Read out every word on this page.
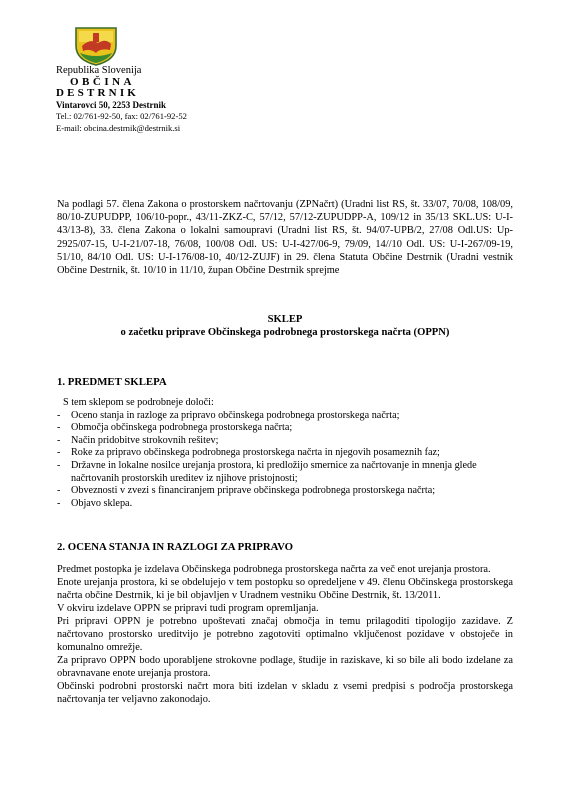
Republika Slovenija
OBČINA
DESTRNIK
Vintarovci 50, 2253 Destrnik
Tel.: 02/761-92-50, fax: 02/761-92-52
E-mail: obcina.destrnik@destrnik.si
Na podlagi 57. člena Zakona o prostorskem načrtovanju (ZPNačrt) (Uradni list RS, št. 33/07, 70/08, 108/09, 80/10-ZUPUDPP, 106/10-popr., 43/11-ZKZ-C, 57/12, 57/12-ZUPUDPP-A, 109/12 in 35/13 SKL.US: U-I-43/13-8), 33. člena Zakona o lokalni samoupravi (Uradni list RS, št. 94/07-UPB/2, 27/08 Odl.US: Up-2925/07-15, U-I-21/07-18, 76/08, 100/08 Odl. US: U-I-427/06-9, 79/09, 14//10 Odl. US: U-I-267/09-19, 51/10, 84/10 Odl. US: U-I-176/08-10, 40/12-ZUJF) in 29. člena Statuta Občine Destrnik (Uradni vestnik Občine Destrnik, št. 10/10 in 11/10, župan Občine Destrnik sprejme
SKLEP
o začetku priprave Občinskega podrobnega prostorskega načrta (OPPN)
1. PREDMET SKLEPA
S tem sklepom se podrobneje določi:
- Oceno stanja in razloge za pripravo občinskega podrobnega prostorskega načrta;
- Območja občinskega podrobnega prostorskega načrta;
- Način pridobitve strokovnih rešitev;
- Roke za pripravo občinskega podrobnega prostorskega načrta in njegovih posameznih faz;
- Državne in lokalne nosilce urejanja prostora, ki predložijo smernice za načrtovanje in mnenja glede načrtovanih prostorskih ureditev iz njihove pristojnosti;
- Obveznosti v zvezi s financiranjem priprave občinskega podrobnega prostorskega načrta;
- Objavo sklepa.
2. OCENA STANJA IN RAZLOGI ZA PRIPRAVO

Predmet postopka je izdelava Občinskega podrobnega prostorskega načrta za več enot urejanja prostora.

Enote urejanja prostora, ki se obdelujejo v tem postopku so opredeljene v 49. členu Občinskega prostorskega načrta občine Destrnik, ki je bil objavljen v Uradnem vestniku Občine Destrnik, št. 13/2011.

V okviru izdelave OPPN se pripravi tudi program opremljanja.

Pri pripravi OPPN je potrebno upoštevati značaj območja in temu prilagoditi tipologijo zazidave. Z načrtovano prostorsko ureditvijo je potrebno zagotoviti optimalno vključenost pozidave v obstoječe in komunalno omrežje.

Za pripravo OPPN bodo uporabljene strokovne podlage, študije in raziskave, ki so bile ali bodo izdelane za obravnavane enote urejanja prostora.

Občinski podrobni prostorski načrt mora biti izdelan v skladu z vsemi predpisi s področja prostorskega načrtovanja ter veljavno zakonodajo.
